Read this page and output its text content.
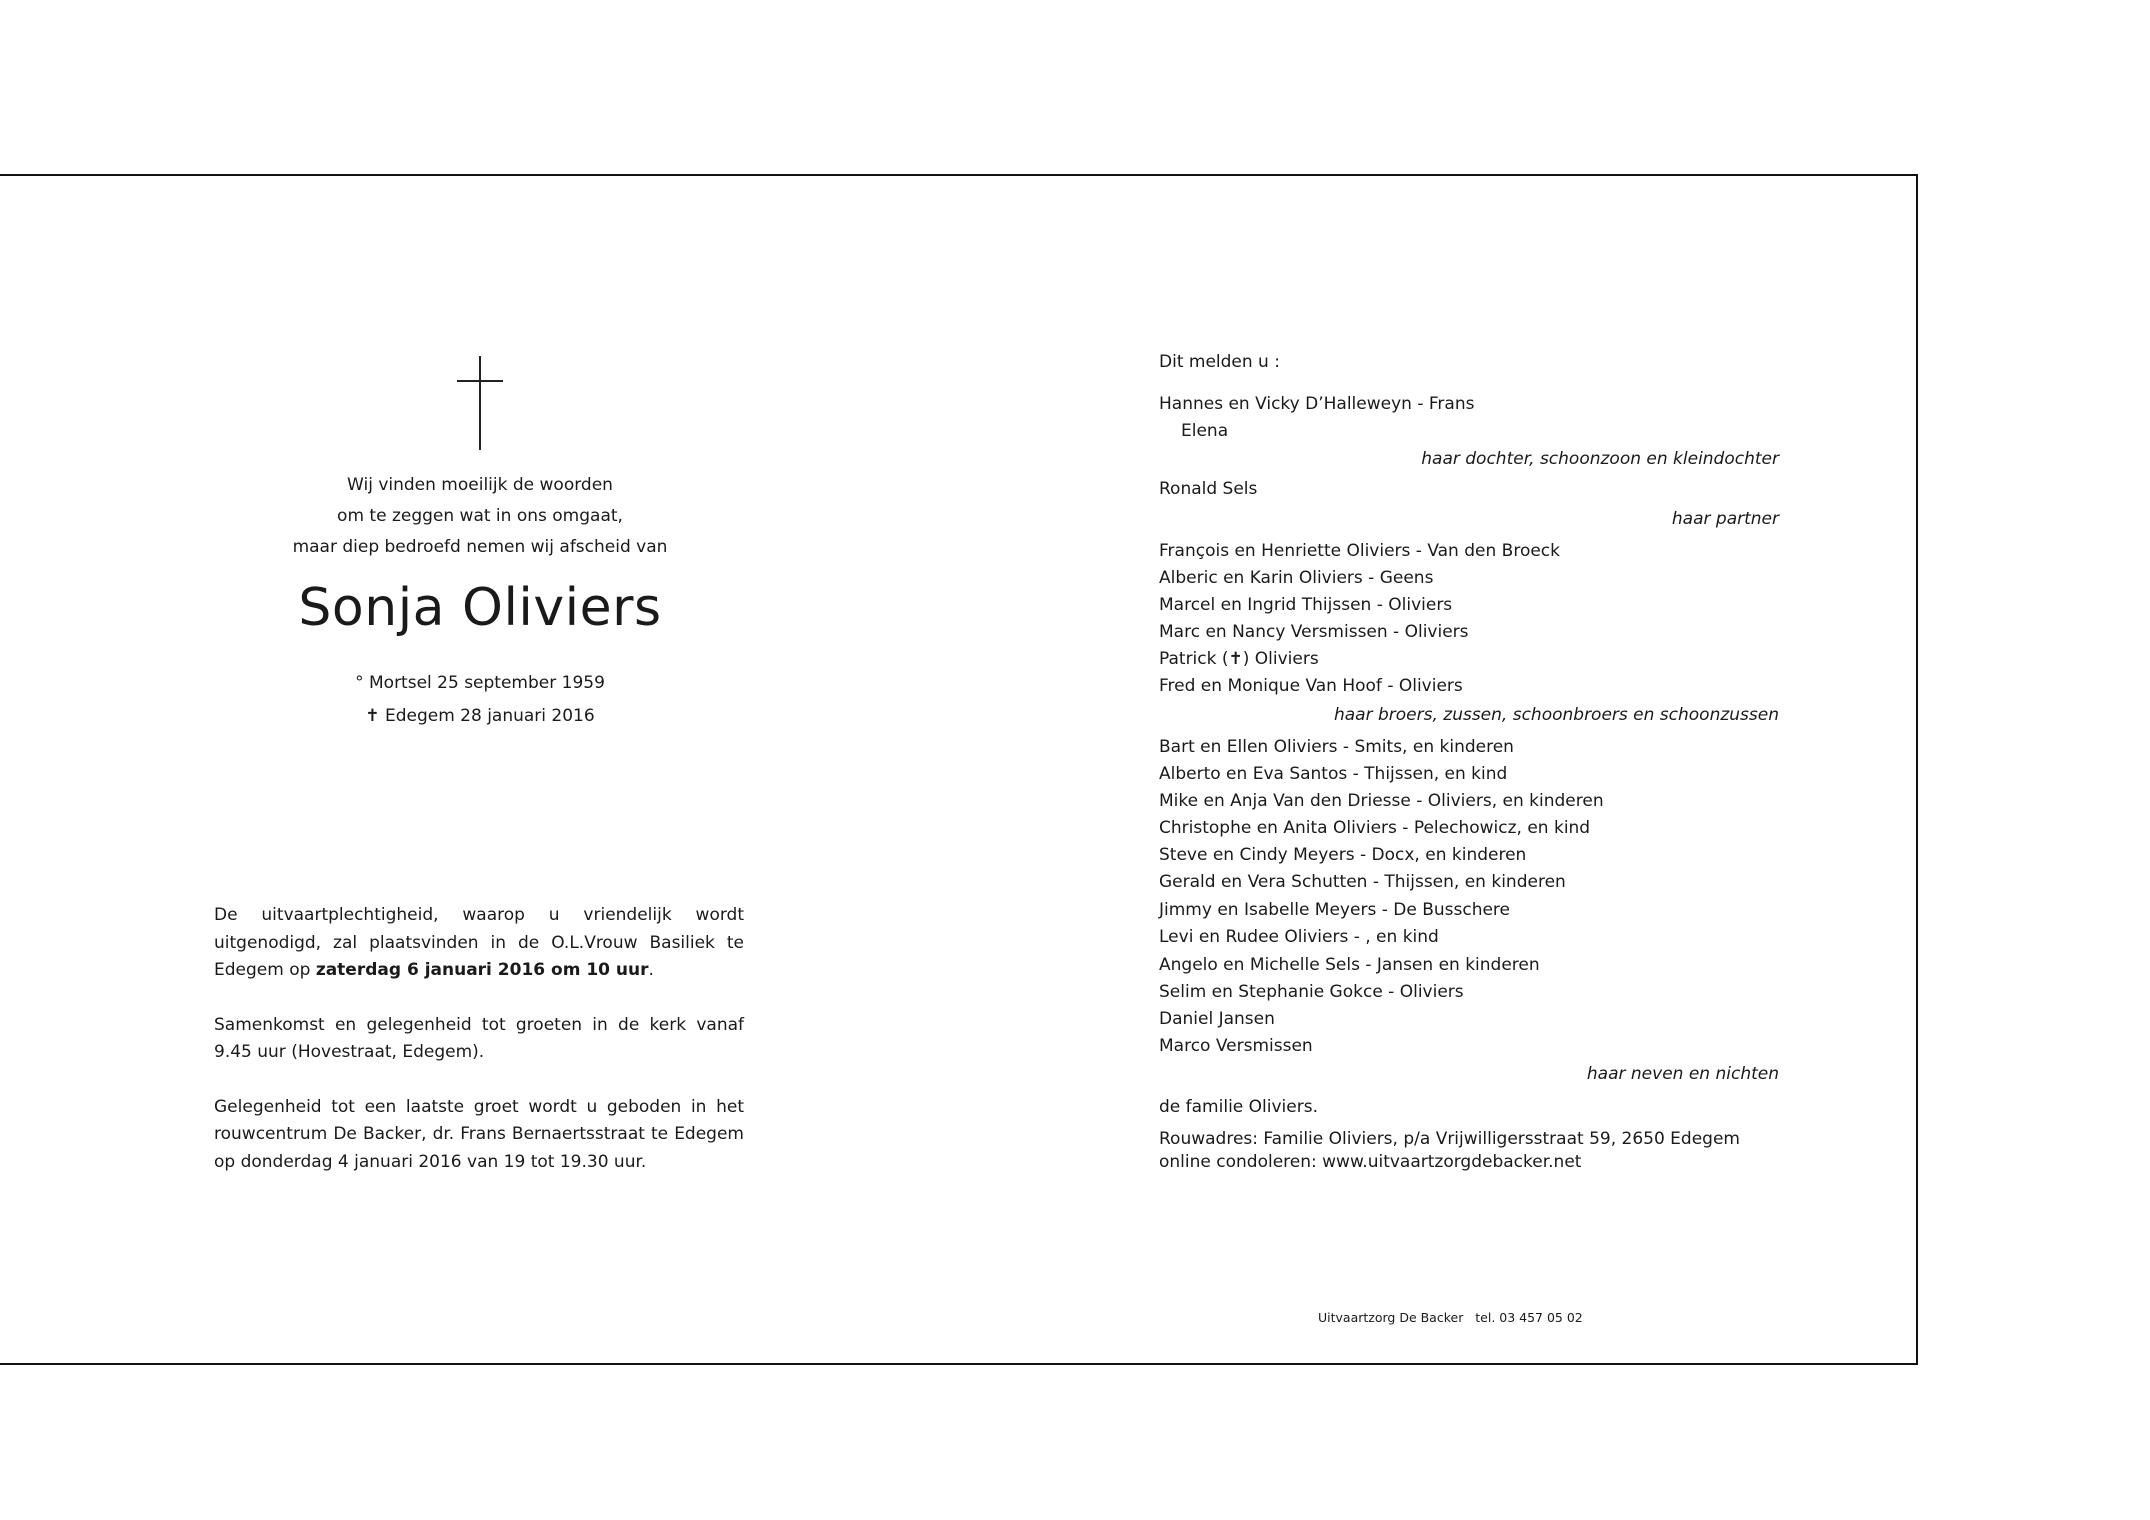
Wij vinden moeilijk de woorden
om te zeggen wat in ons omgaat,
maar diep bedroefd nemen wij afscheid van
Sonja Oliviers
° Mortsel 25 september 1959
✝ Edegem 28 januari 2016

De uitvaartplechtigheid, waarop u vriendelijk wordt uitgenodigd, zal plaatsvinden in de O.L.Vrouw Basiliek te Edegem op zaterdag 6 januari 2016 om 10 uur.

Samenkomst en gelegenheid tot groeten in de kerk vanaf 9.45 uur (Hovestraat, Edegem).

Gelegenheid tot een laatste groet wordt u geboden in het rouwcentrum De Backer, dr. Frans Bernaertsstraat te Edegem op donderdag 4 januari 2016 van 19 tot 19.30 uur.

Dit melden u :
Hannes en Vicky D’Halleweyn - Frans
Elena
haar dochter, schoonzoon en kleindochter
Ronald Sels
haar partner
François en Henriette Oliviers - Van den Broeck
Alberic en Karin Oliviers - Geens
Marcel en Ingrid Thijssen - Oliviers
Marc en Nancy Versmissen - Oliviers
Patrick (✝) Oliviers
Fred en Monique Van Hoof - Oliviers
haar broers, zussen, schoonbroers en schoonzussen
Bart en Ellen Oliviers - Smits, en kinderen
Alberto en Eva Santos - Thijssen, en kind
Mike en Anja Van den Driesse - Oliviers, en kinderen
Christophe en Anita Oliviers - Pelechowicz, en kind
Steve en Cindy Meyers - Docx, en kinderen
Gerald en Vera Schutten - Thijssen, en kinderen
Jimmy en Isabelle Meyers - De Busschere
Levi en Rudee Oliviers - , en kind
Angelo en Michelle Sels - Jansen en kinderen
Selim en Stephanie Gokce - Oliviers
Daniel Jansen
Marco Versmissen
haar neven en nichten
de familie Oliviers.
Rouwadres: Familie Oliviers, p/a Vrijwilligersstraat 59, 2650 Edegem
online condoleren: www.uitvaartzorgdebacker.net
Uitvaartzorg De Backer   tel. 03 457 05 02
